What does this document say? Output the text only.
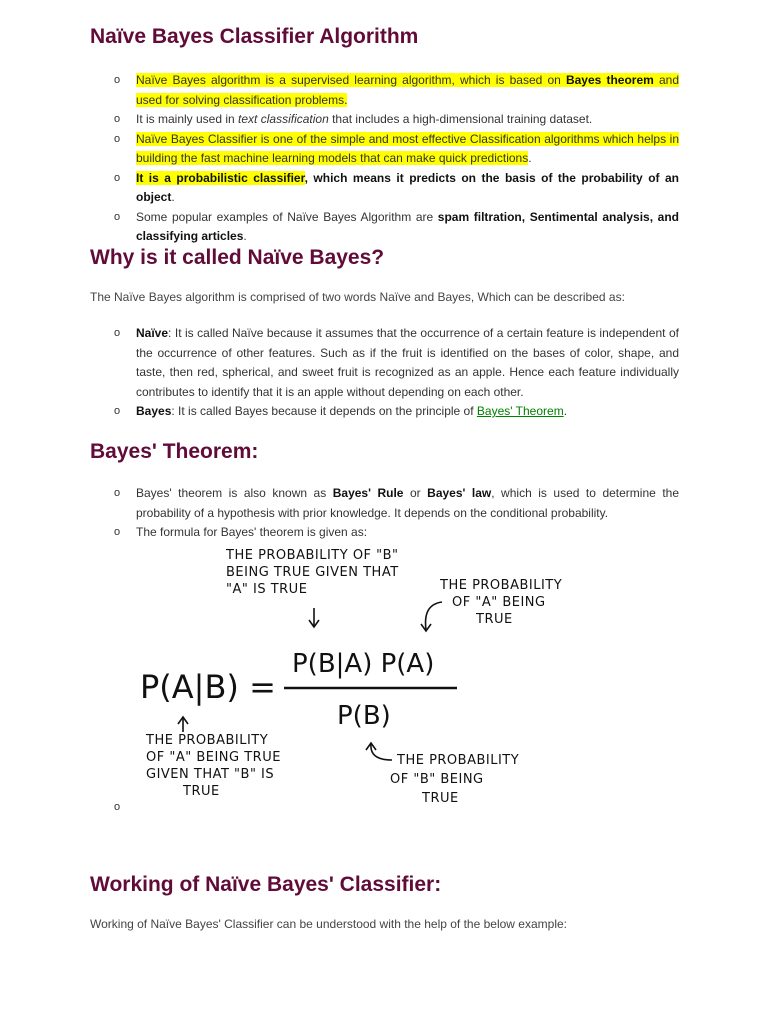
Naïve Bayes Classifier Algorithm
o Naïve Bayes algorithm is a supervised learning algorithm, which is based on Bayes theorem and used for solving classification problems.
o It is mainly used in text classification that includes a high-dimensional training dataset.
o Naïve Bayes Classifier is one of the simple and most effective Classification algorithms which helps in building the fast machine learning models that can make quick predictions.
o It is a probabilistic classifier, which means it predicts on the basis of the probability of an object.
o Some popular examples of Naïve Bayes Algorithm are spam filtration, Sentimental analysis, and classifying articles.
Why is it called Naïve Bayes?
The Naïve Bayes algorithm is comprised of two words Naïve and Bayes, Which can be described as:
o Naïve: It is called Naïve because it assumes that the occurrence of a certain feature is independent of the occurrence of other features. Such as if the fruit is identified on the bases of color, shape, and taste, then red, spherical, and sweet fruit is recognized as an apple. Hence each feature individually contributes to identify that it is an apple without depending on each other.
o Bayes: It is called Bayes because it depends on the principle of Bayes' Theorem.
Bayes' Theorem:
o Bayes' theorem is also known as Bayes' Rule or Bayes' law, which is used to determine the probability of a hypothesis with prior knowledge. It depends on the conditional probability.
o The formula for Bayes' theorem is given as:
THE PROBABILITY OF "B" BEING TRUE GIVEN THAT "A" IS TRUE	THE PROBABILITY OF "A" BEING TRUE
P(A|B) =
P(B|A) P(A)
P(B)
THE PROBABILITY OF "A" BEING TRUE GIVEN THAT "B" IS TRUE
THE PROBABILITY OF "B" BEING TRUE
o
Working of Naïve Bayes' Classifier:
Working of Naïve Bayes' Classifier can be understood with the help of the below example:
